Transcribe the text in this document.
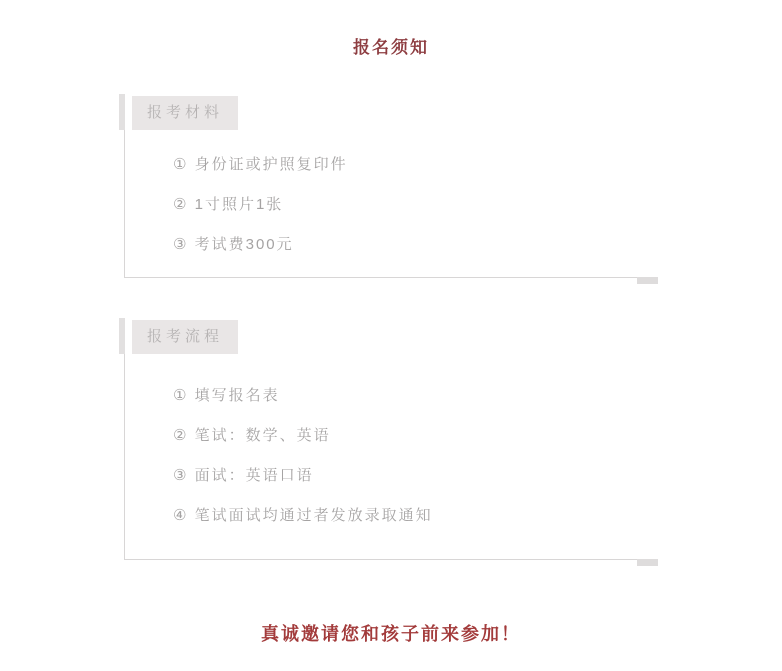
报名须知
报考材料
① 身份证或护照复印件
② 1寸照片1张
③ 考试费300元
报考流程
① 填写报名表
② 笔试：数学、英语
③ 面试：英语口语
④ 笔试面试均通过者发放录取通知
真诚邀请您和孩子前来参加！
